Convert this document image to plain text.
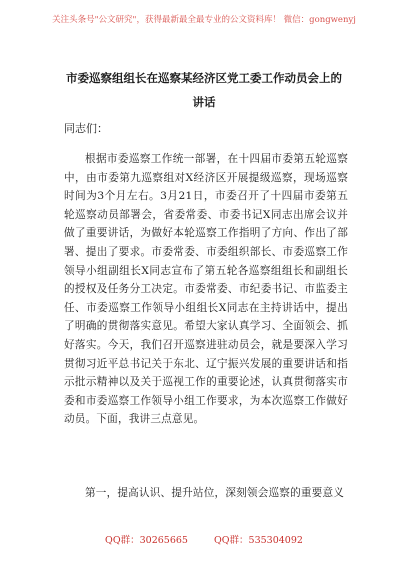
关注头条号"公文研究"，获得最新最全最专业的公文资料库！ 微信：gongwenyj
市委巡察组组长在巡察某经济区党工委工作动员会上的讲话
同志们：
根据市委巡察工作统一部署，在十四届市委第五轮巡察中，由市委第九巡察组对X经济区开展提级巡察，现场巡察时间为3个月左右。3月21日，市委召开了十四届市委第五轮巡察动员部署会，省委常委、市委书记X同志出席会议并做了重要讲话，为做好本轮巡察工作指明了方向、作出了部署、提出了要求。市委常委、市委组织部长、市委巡察工作领导小组副组长X同志宣布了第五轮各巡察组组长和副组长的授权及任务分工决定。市委常委、市纪委书记、市监委主任、市委巡察工作领导小组组长X同志在主持讲话中，提出了明确的贯彻落实意见。希望大家认真学习、全面领会、抓好落实。今天，我们召开巡察进驻动员会，就是要深入学习贯彻习近平总书记关于东北、辽宁振兴发展的重要讲话和指示批示精神以及关于巡视工作的重要论述，认真贯彻落实市委和市委巡察工作领导小组工作要求，为本次巡察工作做好动员。下面，我讲三点意见。
第一，提高认识、提升站位，深刻领会巡察的重要意义
QQ群：30265665	QQ群：535304092
